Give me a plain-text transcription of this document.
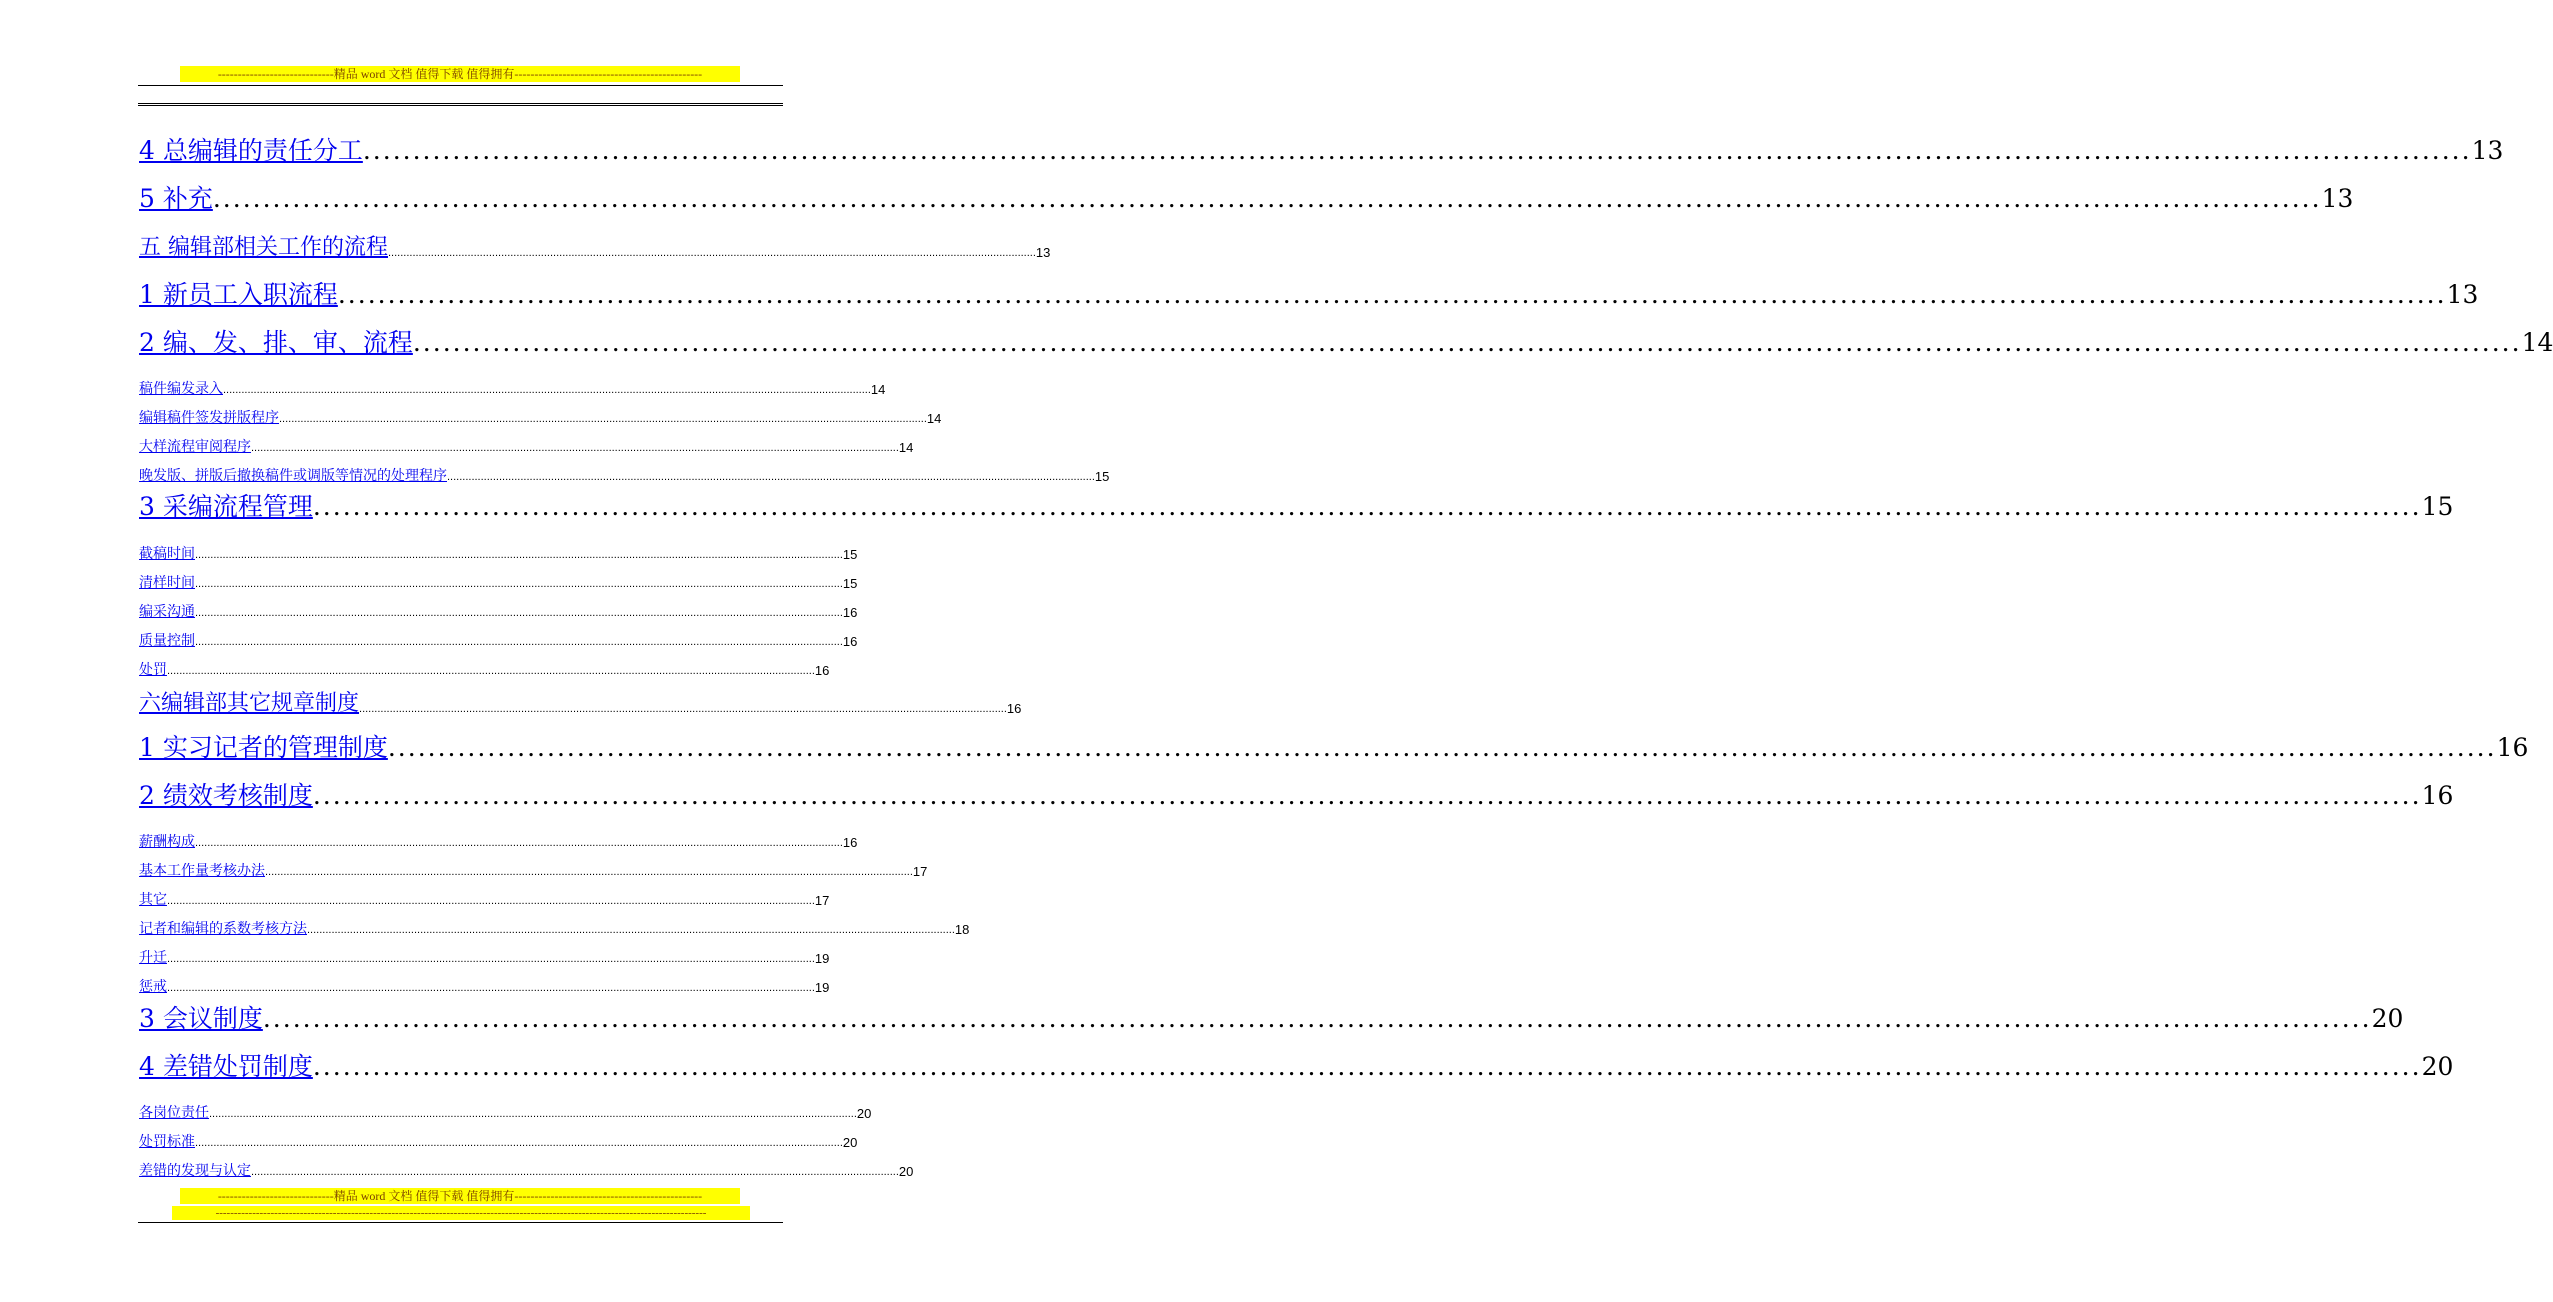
-----------------------------精品 word 文档 值得下载 值得拥有-----------------------------------------------
4 总编辑的责任分工 .................................................................................................................................................................................................................... 13
5 补充 .................................................................................................................................................................................................................... 13
五 编辑部相关工作的流程 .................................................................................................................................................................................................................... 13
1 新员工入职流程 .................................................................................................................................................................................................................... 13
2 编、发、排、审、流程 .................................................................................................................................................................................................................... 14
稿件编发录入 .................................................................................................................................................................................................................... 14
编辑稿件签发拼版程序 .................................................................................................................................................................................................................... 14
大样流程审阅程序 .................................................................................................................................................................................................................... 14
晚发版、拼版后撤换稿件或调版等情况的处理程序 .................................................................................................................................................................................................................... 15
3 采编流程管理 .................................................................................................................................................................................................................... 15
截稿时间 .................................................................................................................................................................................................................... 15
清样时间 .................................................................................................................................................................................................................... 15
编采沟通 .................................................................................................................................................................................................................... 16
质量控制 .................................................................................................................................................................................................................... 16
处罚 .................................................................................................................................................................................................................... 16
六编辑部其它规章制度 .................................................................................................................................................................................................................... 16
1 实习记者的管理制度 .................................................................................................................................................................................................................... 16
2 绩效考核制度 .................................................................................................................................................................................................................... 16
薪酬构成 .................................................................................................................................................................................................................... 16
基本工作量考核办法 .................................................................................................................................................................................................................... 17
其它 .................................................................................................................................................................................................................... 17
记者和编辑的系数考核方法 .................................................................................................................................................................................................................... 18
升迁 .................................................................................................................................................................................................................... 19
惩戒 .................................................................................................................................................................................................................... 19
3 会议制度 .................................................................................................................................................................................................................... 20
4 差错处罚制度 .................................................................................................................................................................................................................... 20
各岗位责任 .................................................................................................................................................................................................................... 20
处罚标准 .................................................................................................................................................................................................................... 20
差错的发现与认定 .................................................................................................................................................................................................................... 20
-----------------------------精品 word 文档 值得下载 值得拥有-----------------------------------------------
--------------------------------------------------------------------------------------------------------------------------------------
